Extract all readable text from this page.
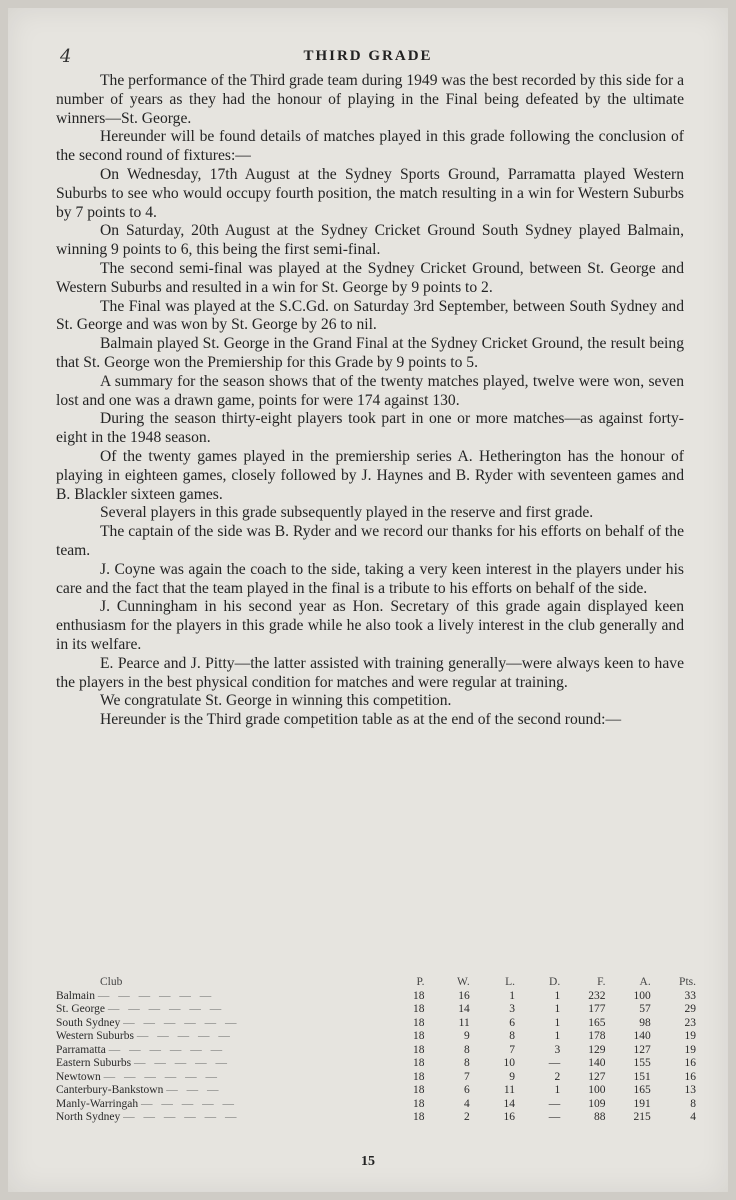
4	THIRD GRADE

The performance of the Third grade team during 1949 was the best recorded by this side for a number of years as they had the honour of playing in the Final being defeated by the ultimate winners—St. George.

Hereunder will be found details of matches played in this grade following the conclusion of the second round of fixtures:—

On Wednesday, 17th August at the Sydney Sports Ground, Parramatta played Western Suburbs to see who would occupy fourth position, the match resulting in a win for Western Suburbs by 7 points to 4.

On Saturday, 20th August at the Sydney Cricket Ground South Sydney played Balmain, winning 9 points to 6, this being the first semi-final.

The second semi-final was played at the Sydney Cricket Ground, between St. George and Western Suburbs and resulted in a win for St. George by 9 points to 2.

The Final was played at the S.C.Gd. on Saturday 3rd September, between South Sydney and St. George and was won by St. George by 26 to nil.

Balmain played St. George in the Grand Final at the Sydney Cricket Ground, the result being that St. George won the Premiership for this Grade by 9 points to 5.

A summary for the season shows that of the twenty matches played, twelve were won, seven lost and one was a drawn game, points for were 174 against 130.

During the season thirty-eight players took part in one or more matches—as against forty-eight in the 1948 season.

Of the twenty games played in the premiership series A. Hetherington has the honour of playing in eighteen games, closely followed by J. Haynes and B. Ryder with seventeen games and B. Blackler sixteen games.

Several players in this grade subsequently played in the reserve and first grade.

The captain of the side was B. Ryder and we record our thanks for his efforts on behalf of the team.

J. Coyne was again the coach to the side, taking a very keen interest in the players under his care and the fact that the team played in the final is a tribute to his efforts on behalf of the side.

J. Cunningham in his second year as Hon. Secretary of this grade again displayed keen enthusiasm for the players in this grade while he also took a lively interest in the club generally and in its welfare.

E. Pearce and J. Pitty—the latter assisted with training generally—were always keen to have the players in the best physical condition for matches and were regular at training.

We congratulate St. George in winning this competition.

Hereunder is the Third grade competition table as at the end of the second round:—

Club	P.	W.	L.	D.	F.	A.	Pts.
Balmain — — — — — —	18	16	1	1	232	100	33
St. George — — — — — —	18	14	3	1	177	57	29
South Sydney — — — — — —	18	11	6	1	165	98	23
Western Suburbs — — — — —	18	9	8	1	178	140	19
Parramatta — — — — — —	18	8	7	3	129	127	19
Eastern Suburbs — — — — —	18	8	10	—	140	155	16
Newtown — — — — — —	18	7	9	2	127	151	16
Canterbury-Bankstown — — —	18	6	11	1	100	165	13
Manly-Warringah — — — — —	18	4	14	—	109	191	8
North Sydney — — — — — —	18	2	16	—	88	215	4
15
